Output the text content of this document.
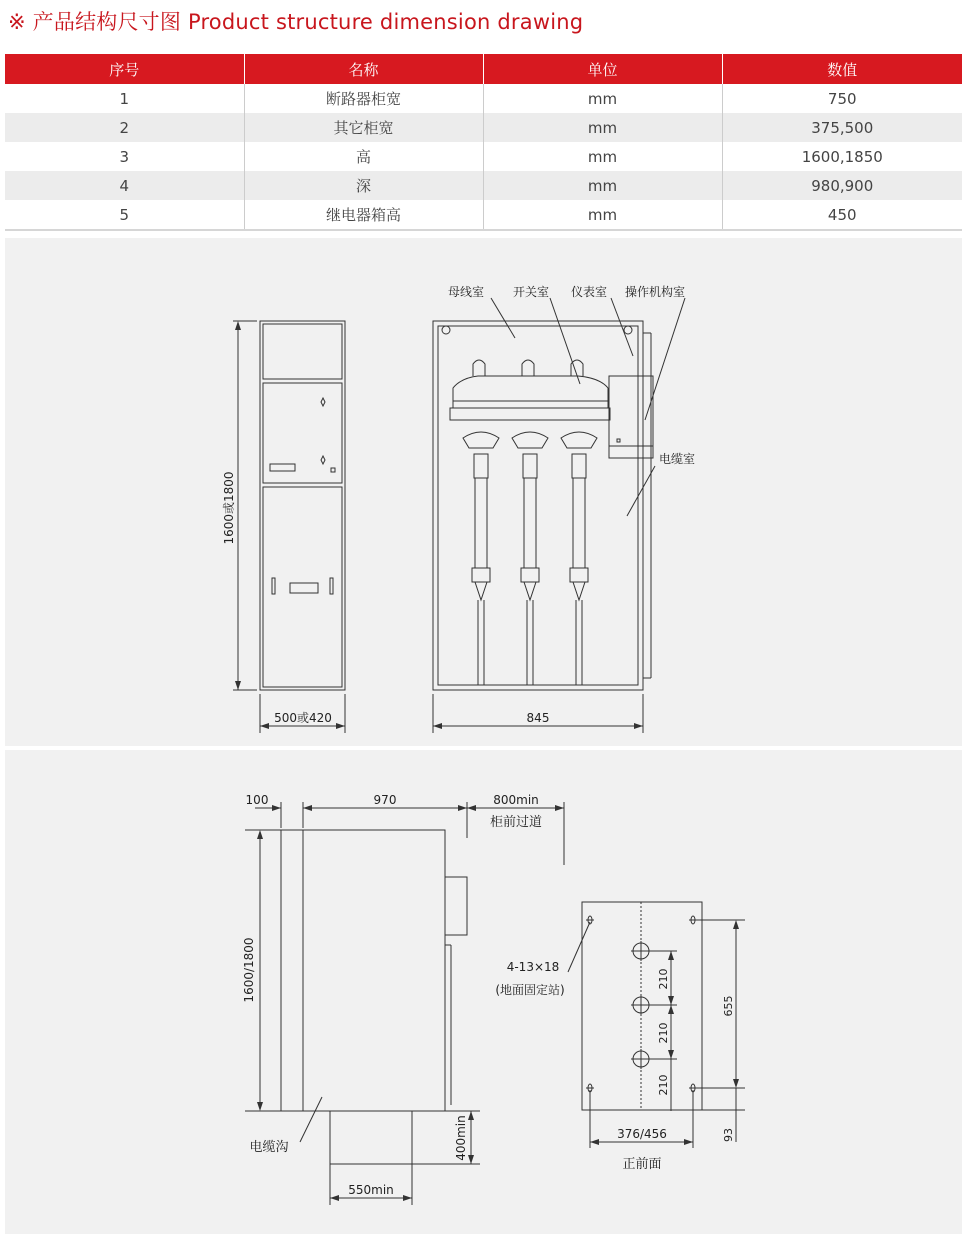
※ 产品结构尺寸图 Product structure dimension drawing
序号	名称	单位	数值
1	断路器柜宽	mm	750
2	其它柜宽	mm	375,500
3	高	mm	1600,1850
4	深	mm	980,900
5	继电器箱高	mm	450
1600或1800
500或420	845
母线室 开关室 仪表室 操作机构室
电缆室
100	970	800min
柜前过道
1600/1800
电缆沟	400min
550min
4-13×18
(地面固定站)
210
210
210
655
93
376/456
正前面
